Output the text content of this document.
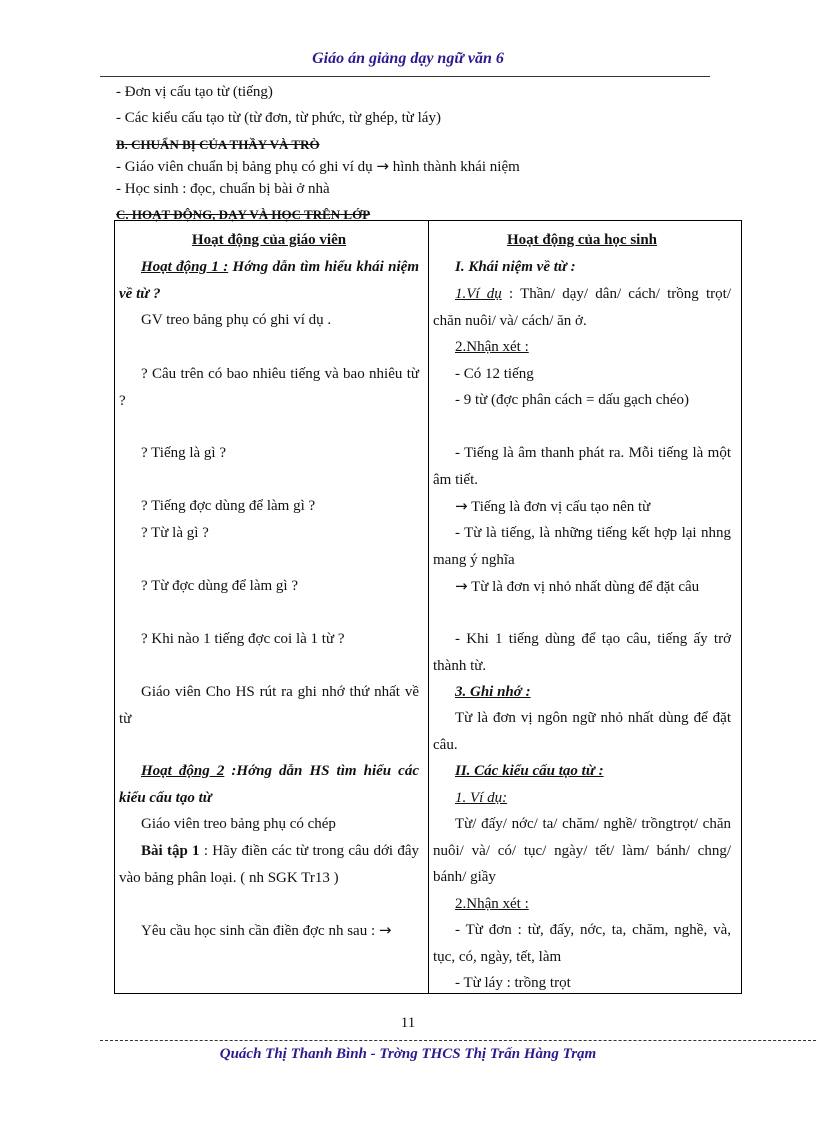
Giáo án giảng dạy ngữ văn 6
- Đơn vị cấu tạo từ (tiếng)
- Các kiểu cấu tạo từ (từ đơn, từ phức, từ ghép, từ láy)
B. CHUẨN BỊ CỦA THẦY VÀ TRÒ
- Giáo viên chuẩn bị bảng phụ có ghi ví dụ → hình thành khái niệm
- Học sinh : đọc, chuẩn bị bài ở nhà
C. HOẠT ĐỘNG, DẠY VÀ HỌC TRÊN LỚP
Hoạt động của giáo viên
Hoạt động 1 : Hớng dẫn tìm hiểu khái niệm về từ ?
GV treo bảng phụ có ghi ví dụ .
? Câu trên có bao nhiêu tiếng và bao nhiêu từ ?
? Tiếng là gì ?
? Tiếng đợc dùng để làm gì ?
? Từ là gì ?
? Từ đợc dùng để làm gì ?
? Khi nào 1 tiếng đợc coi là 1 từ ?
Giáo viên Cho HS rút ra ghi nhớ thứ nhất về từ
Hoạt động 2 :Hớng dẫn HS tìm hiểu các kiểu cấu tạo từ
Giáo viên treo bảng phụ có chép
Bài tập 1 : Hãy điền các từ trong câu dới đây vào bảng phân loại. ( nh SGK Tr13 )
Yêu cầu học sinh cần điền đợc nh sau : →
Hoạt động của học sinh
I. Khái niệm về từ :
1.Ví dụ : Thần/ dạy/ dân/ cách/ trồng trọt/ chăn nuôi/ và/ cách/ ăn ở.
2.Nhận xét :
- Có 12 tiếng
- 9 từ (đợc phân cách = dấu gạch chéo)
- Tiếng là âm thanh phát ra. Mỗi tiếng là một âm tiết.
→ Tiếng là đơn vị cấu tạo nên từ
- Từ là tiếng, là những tiếng kết hợp lại nhng mang ý nghĩa
→ Từ là đơn vị nhỏ nhất dùng để đặt câu
- Khi 1 tiếng dùng để tạo câu, tiếng ấy trở thành từ.
3. Ghi nhớ :
Từ là đơn vị ngôn ngữ nhỏ nhất dùng để đặt câu.
II. Các kiểu cấu tạo từ :
1. Ví dụ:
Từ/ đấy/ nớc/ ta/ chăm/ nghề/ trồngtrọt/ chăn nuôi/ và/ có/ tục/ ngày/ tết/ làm/ bánh/ chng/ bánh/ giầy
2.Nhận xét :
- Từ đơn : từ, đấy, nớc, ta, chăm, nghề, và, tục, có, ngày, tết, làm
- Từ láy : trồng trọt
11
Quách Thị Thanh Bình - Trờng THCS Thị Trấn Hàng Trạm
